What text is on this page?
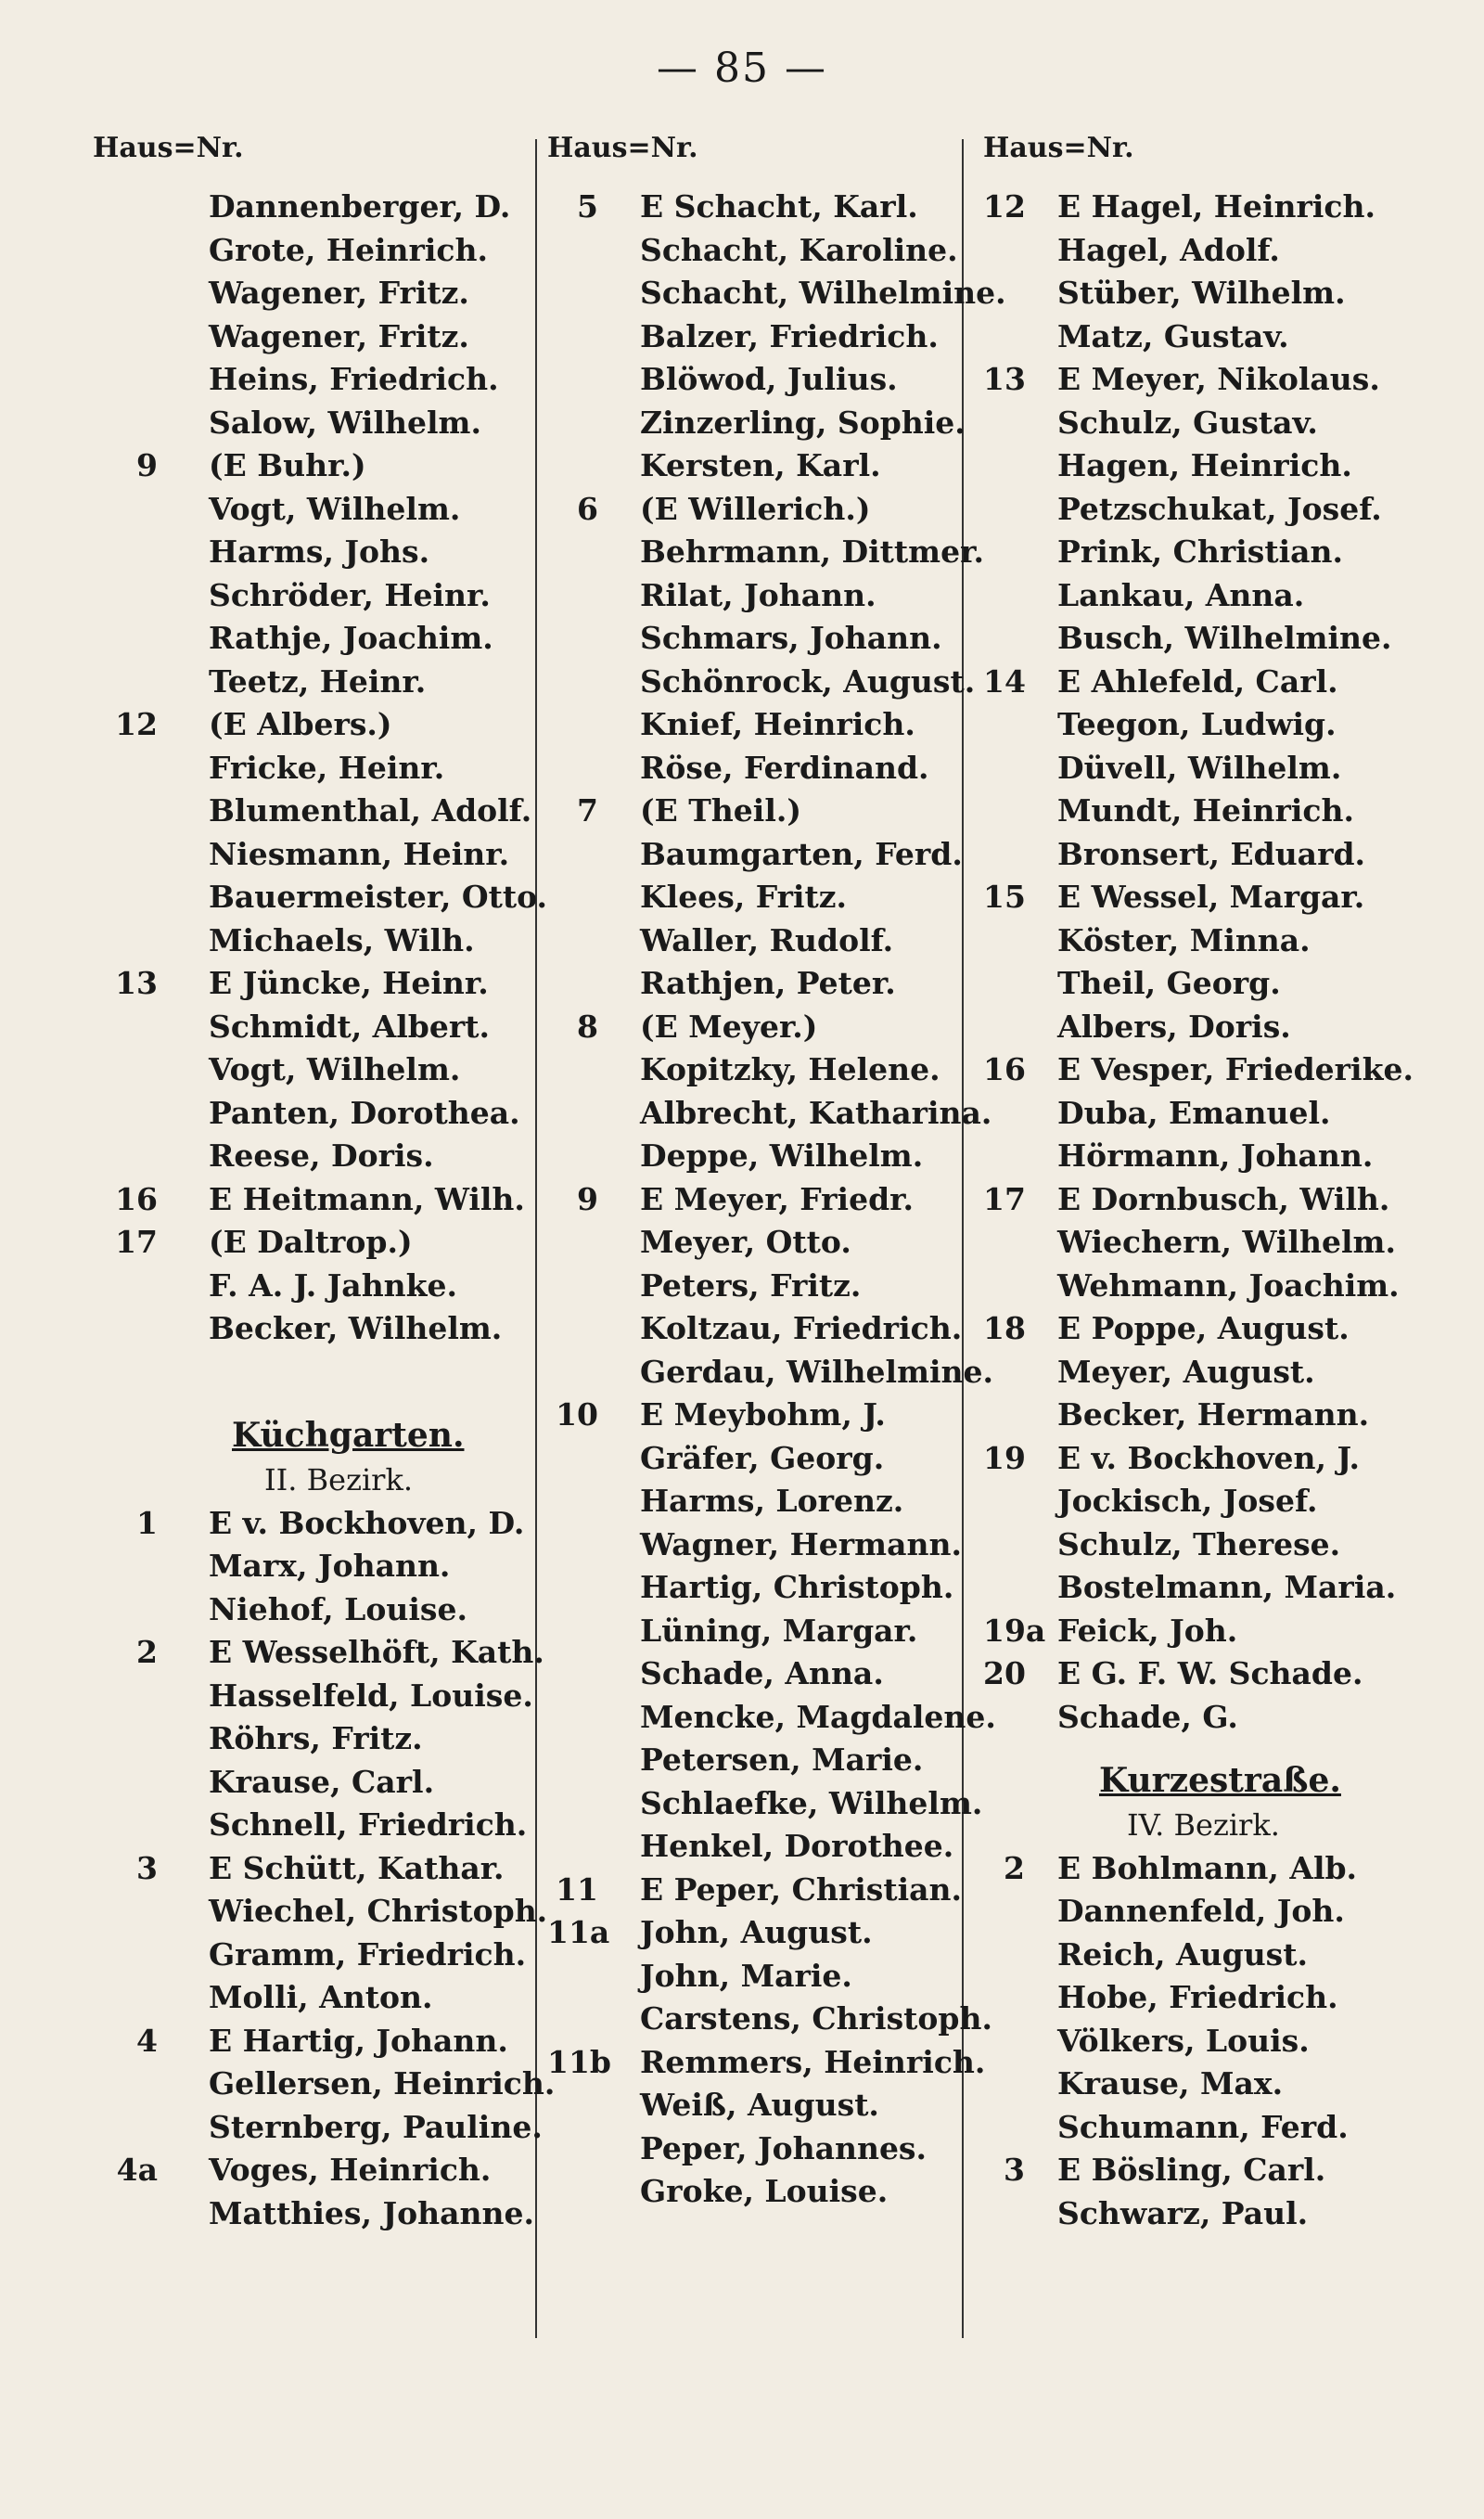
— 85 —
Haus=Nr.
Dannenberger, D.
Grote, Heinrich.
Wagener, Fritz.
Wagener, Fritz.
Heins, Friedrich.
Salow, Wilhelm.
9 (E Buhr.)
Vogt, Wilhelm.
Harms, Johs.
Schröder, Heinr.
Rathje, Joachim.
Teetz, Heinr.
12 (E Albers.)
Fricke, Heinr.
Blumenthal, Adolf.
Niesmann, Heinr.
Bauermeister, Otto.
Michaels, Wilh.
13 E Jüncke, Heinr.
Schmidt, Albert.
Vogt, Wilhelm.
Panten, Dorothea.
Reese, Doris.
16 E Heitmann, Wilh.
17 (E Daltrop.)
F. A. J. Jahnke.
Becker, Wilhelm.
Küchgarten.
II. Bezirk.
1 E v. Bockhoven, D.
Marx, Johann.
Niehof, Louise.
2 E Wesselhöft, Kath.
Hasselfeld, Louise.
Röhrs, Fritz.
Krause, Carl.
Schnell, Friedrich.
3 E Schütt, Kathar.
Wiechel, Christoph.
Gramm, Friedrich.
Molli, Anton.
4 E Hartig, Johann.
Gellersen, Heinrich.
Sternberg, Pauline.
4a Voges, Heinrich.
Matthies, Johanne.
Haus=Nr.
5 E Schacht, Karl.
Schacht, Karoline.
Schacht, Wilhelmine.
Balzer, Friedrich.
Blöwod, Julius.
Zinzerling, Sophie.
Kersten, Karl.
6 (E Willerich.)
Behrmann, Dittmer.
Rilat, Johann.
Schmars, Johann.
Schönrock, August.
Knief, Heinrich.
Röse, Ferdinand.
7 (E Theil.)
Baumgarten, Ferd.
Klees, Fritz.
Waller, Rudolf.
Rathjen, Peter.
8 (E Meyer.)
Kopitzky, Helene.
Albrecht, Katharina.
Deppe, Wilhelm.
9 E Meyer, Friedr.
Meyer, Otto.
Peters, Fritz.
Koltzau, Friedrich.
Gerdau, Wilhelmine.
10 E Meybohm, J.
Gräfer, Georg.
Harms, Lorenz.
Wagner, Hermann.
Hartig, Christoph.
Lüning, Margar.
Schade, Anna.
Mencke, Magdalene.
Petersen, Marie.
Schlaefke, Wilhelm.
Henkel, Dorothee.
11 E Peper, Christian.
11a John, August.
John, Marie.
Carstens, Christoph.
11b Remmers, Heinrich.
Weiß, August.
Peper, Johannes.
Groke, Louise.
Haus=Nr.
12 E Hagel, Heinrich.
Hagel, Adolf.
Stüber, Wilhelm.
Matz, Gustav.
13 E Meyer, Nikolaus.
Schulz, Gustav.
Hagen, Heinrich.
Petzschukat, Josef.
Prink, Christian.
Lankau, Anna.
Busch, Wilhelmine.
14 E Ahlefeld, Carl.
Teegon, Ludwig.
Düvell, Wilhelm.
Mundt, Heinrich.
Bronsert, Eduard.
15 E Wessel, Margar.
Köster, Minna.
Theil, Georg.
Albers, Doris.
16 E Vesper, Friederike.
Duba, Emanuel.
Hörmann, Johann.
17 E Dornbusch, Wilh.
Wiechern, Wilhelm.
Wehmann, Joachim.
18 E Poppe, August.
Meyer, August.
Becker, Hermann.
19 E v. Bockhoven, J.
Jockisch, Josef.
Schulz, Therese.
Bostelmann, Maria.
19a Feick, Joh.
20 E G. F. W. Schade.
Schade, G.
Kurzestraße.
IV. Bezirk.
2 E Bohlmann, Alb.
Dannenfeld, Joh.
Reich, August.
Hobe, Friedrich.
Völkers, Louis.
Krause, Max.
Schumann, Ferd.
3 E Bösling, Carl.
Schwarz, Paul.
